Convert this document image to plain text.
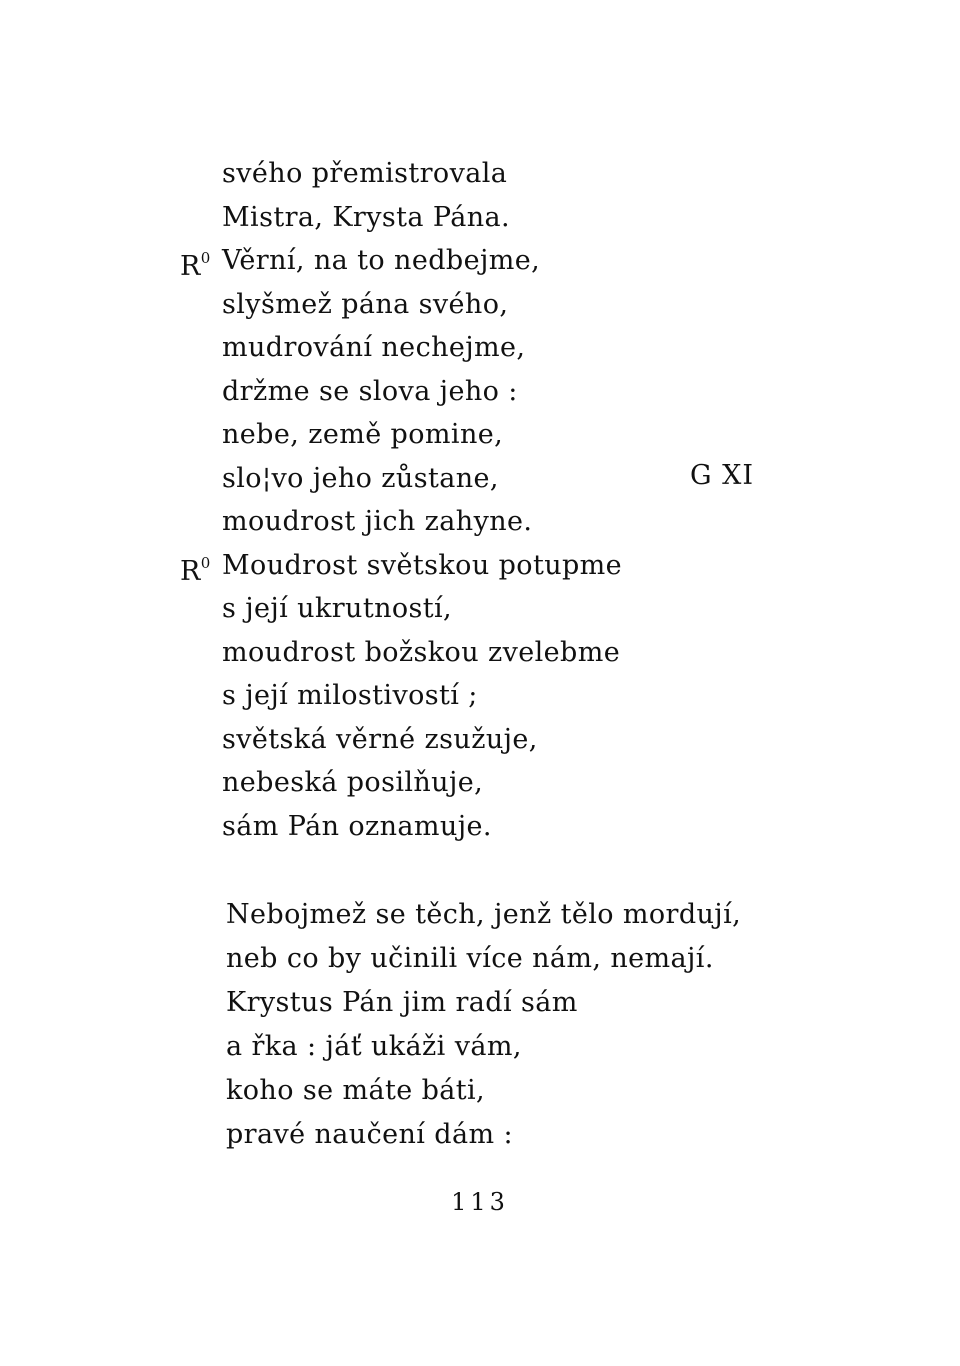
svého přemistrovala
Mistra, Krysta Pána.
$R^0$ Věrní, na to nedbejme,
slyšmež pána svého,
mudrování nechejme,
držme se slova jeho :
nebe, země pomine,
slo¦vo jeho zůstane,
moudrost jich zahyne.
$R^0$ Moudrost světskou potupme
s její ukrutností,
moudrost božskou zvelebme
s její milostivostí ;
světská věrné zsužuje,
nebeská posilňuje,
sám Pán oznamuje.
G XI
Nebojmež se těch, jenž tělo mordují,
neb co by učinili více nám, nemají.
Krystus Pán jim radí sám
a řka : jáť ukáži vám,
koho se máte báti,
pravé naučení dám :
113
